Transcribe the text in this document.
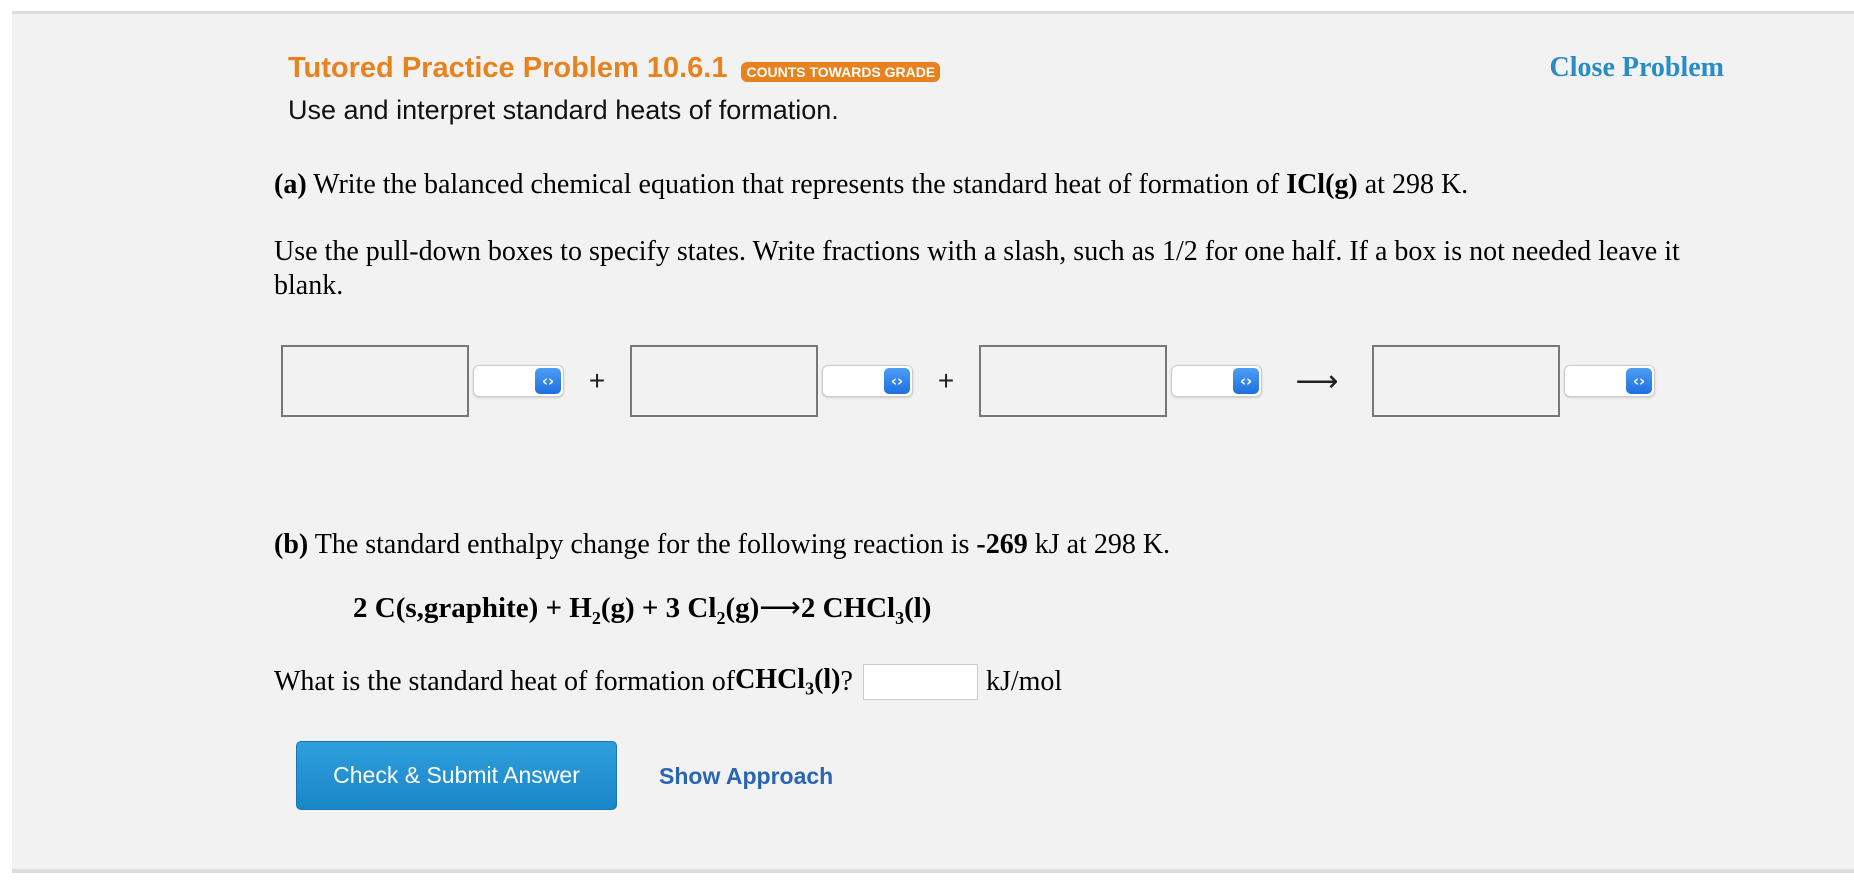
Tutored Practice Problem 10.6.1	COUNTS TOWARDS GRADE
Use and interpret standard heats of formation.
Close Problem
(a) Write the balanced chemical equation that represents the standard heat of formation of ICl(g) at 298 K.
Use the pull-down boxes to specify states. Write fractions with a slash, such as 1/2 for one half. If a box is not needed leave it blank.
‹›	+	‹›	+	‹›	⟶	‹›
(b) The standard enthalpy change for the following reaction is -269 kJ at 298 K.
2 C(s,graphite) + $H_2(g) + 3$ $Cl_2(g)⟶2$ CHCl$_3$(l)
What is the standard heat of formation of CHCl$_3$(l) ?	kJ/mol
Check & Submit Answer	Show Approach
